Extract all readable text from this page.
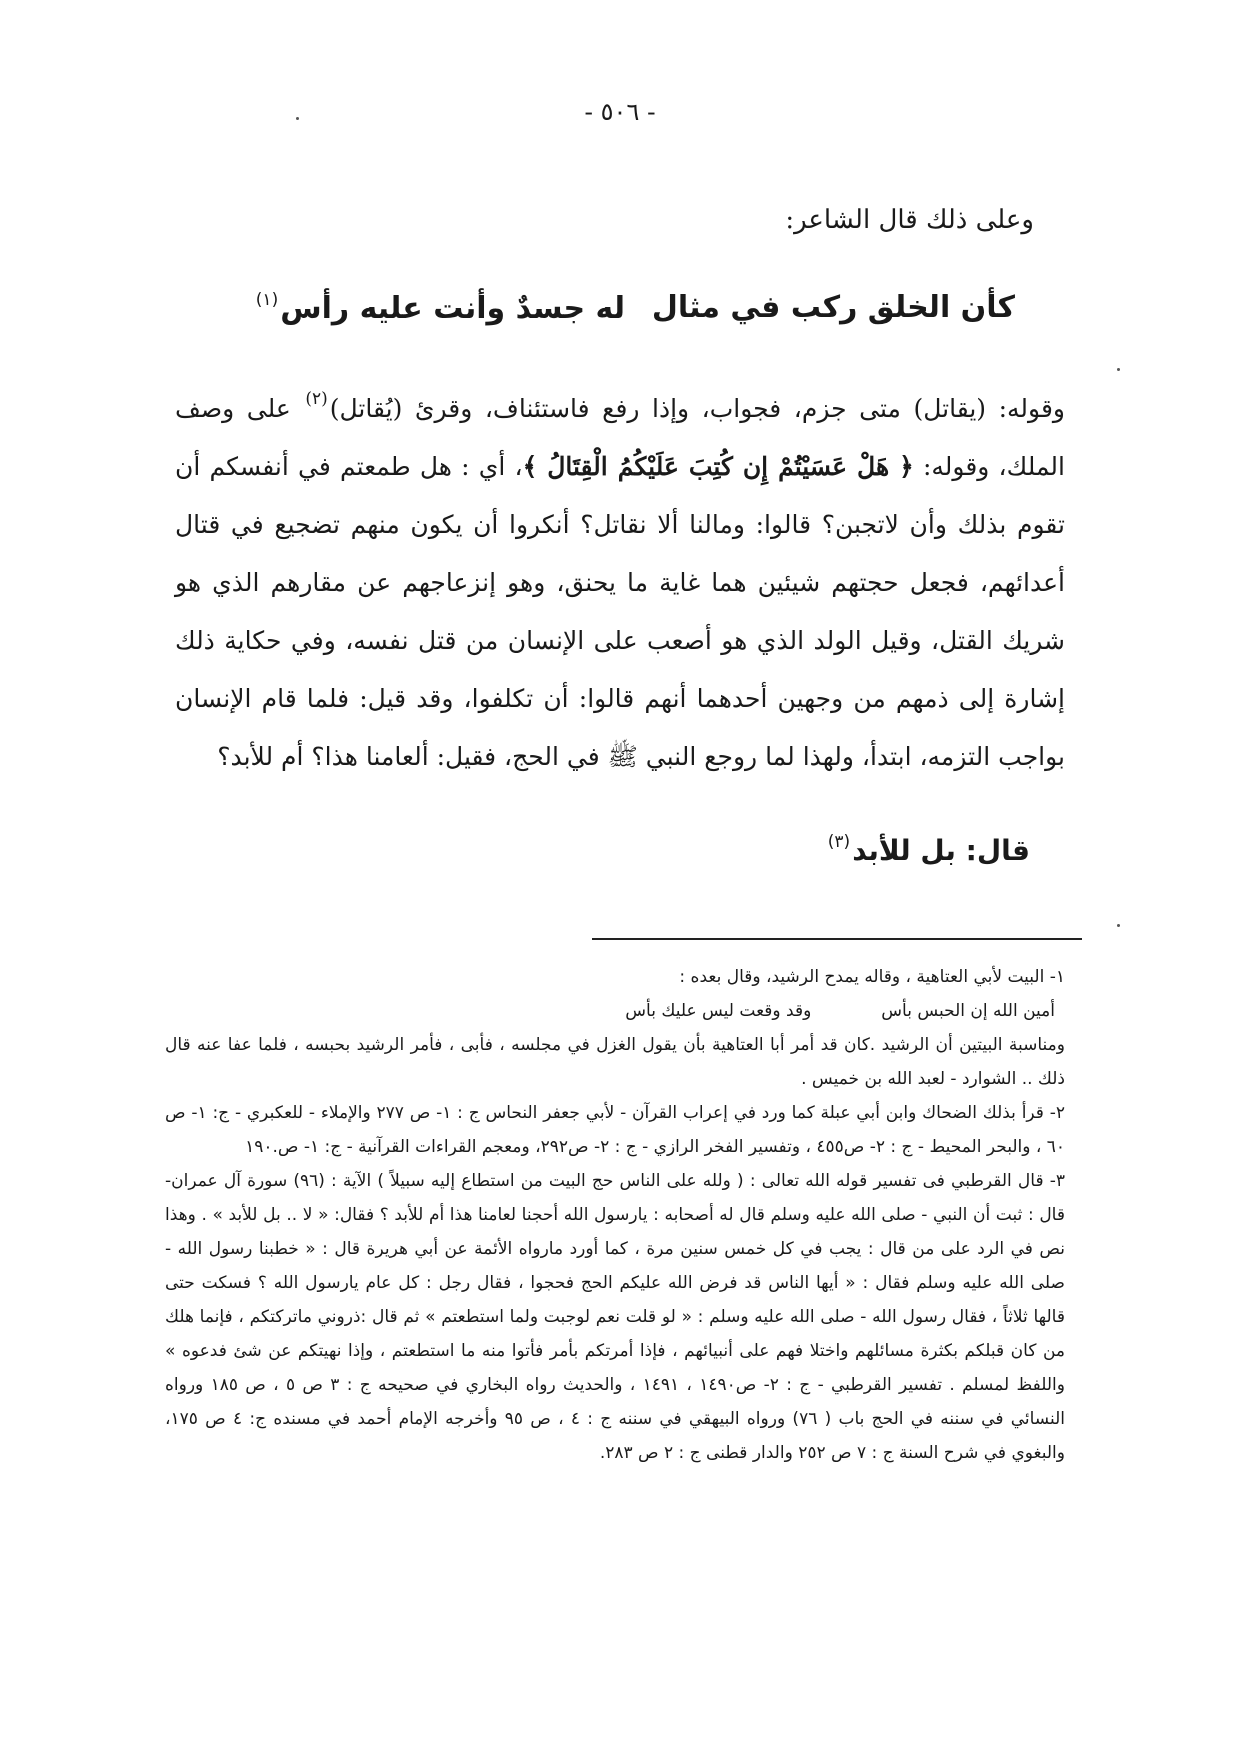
- ٥٠٦ -

وعلى ذلك قال الشاعر:

كأن الخلق ركب في مثال
له جسدٌ وأنت عليه رأس$^{(١)}$

وقوله: (يقاتل) متى جزم، فجواب، وإذا رفع فاستئناف، وقرئ (يُقاتل)$^{(٢)}$ على وصف الملك، وقوله: ﴿ هَلْ عَسَيْتُمْ إِن كُتِبَ عَلَيْكُمُ الْقِتَالُ ﴾، أي : هل طمعتم في أنفسكم أن تقوم بذلك وأن لاتجبن؟ قالوا: ومالنا ألا نقاتل؟ أنكروا أن يكون منهم تضجيع في قتال أعدائهم، فجعل حجتهم شيئين هما غاية ما يحنق، وهو إنزعاجهم عن مقارهم الذي هو شريك القتل، وقيل الولد الذي هو أصعب على الإنسان من قتل نفسه، وفي حكاية ذلك إشارة إلى ذمهم من وجهين أحدهما أنهم قالوا: أن تكلفوا، وقد قيل: فلما قام الإنسان بواجب التزمه، ابتدأ، ولهذا لما روجع النبي ﷺ في الحج، فقيل: ألعامنا هذا؟ أم للأبد؟

قال: بل للأبد$^{(٣)}$

١- البيت لأبي العتاهية ، وقاله يمدح الرشيد، وقال بعده :

أمين الله إن الحبس بأس
وقد وقعت ليس عليك بأس

ومناسبة البيتين أن الرشيد .كان قد أمر أبا العتاهية بأن يقول الغزل في مجلسه ، فأبى ، فأمر الرشيد بحبسه ، فلما عفا عنه قال ذلك .. الشوارد - لعبد الله بن خميس .

٢- قرأ بذلك الضحاك وابن أبي عبلة كما ورد في إعراب القرآن - لأبي جعفر النحاس ج : ١- ص ٢٧٧ والإملاء - للعكبري - ج: ١- ص ٦٠ ، والبحر المحيط - ج : ٢- ص٤٥٥ ، وتفسير الفخر الرازي - ج : ٢- ص٢٩٢، ومعجم القراءات القرآنية - ج: ١- ص.١٩٠

٣- قال القرطبي فى تفسير قوله الله تعالى : ( ولله على الناس حج البيت من استطاع إليه سبيلاً ) الآية : (٩٦) سورة آل عمران- قال : ثبت أن النبي - صلى الله عليه وسلم قال له أصحابه : يارسول الله أحجنا لعامنا هذا أم للأبد ؟ فقال: « لا .. بل للأبد » . وهذا نص في الرد على من قال : يجب في كل خمس سنين مرة ، كما أورد مارواه الأئمة عن أبي هريرة قال : « خطبنا رسول الله - صلى الله عليه وسلم فقال : « أيها الناس قد فرض الله عليكم الحج فحجوا ، فقال رجل : كل عام يارسول الله ؟ فسكت حتى قالها ثلاثاً ، فقال رسول الله - صلى الله عليه وسلم : « لو قلت نعم لوجبت ولما استطعتم » ثم قال :ذروني ماتركتكم ، فإنما هلك من كان قبلكم بكثرة مسائلهم واختلا فهم على أنبيائهم ، فإذا أمرتكم بأمر فأتوا منه ما استطعتم ، وإذا نهيتكم عن شئ فدعوه » واللفظ لمسلم . تفسير القرطبي - ج : ٢- ص١٤٩٠ ، ١٤٩١ ، والحديث رواه البخاري في صحيحه ج : ٣ ص ٥ ، ص ١٨٥ ورواه النسائي في سننه في الحج باب ( ٧٦) ورواه البيهقي في سننه ج : ٤ ، ص ٩٥ وأخرجه الإمام أحمد في مسنده ج: ٤ ص ١٧٥، والبغوي في شرح السنة ج : ٧ ص ٢٥٢ والدار قطنى ج : ٢ ص ٢٨٣.
